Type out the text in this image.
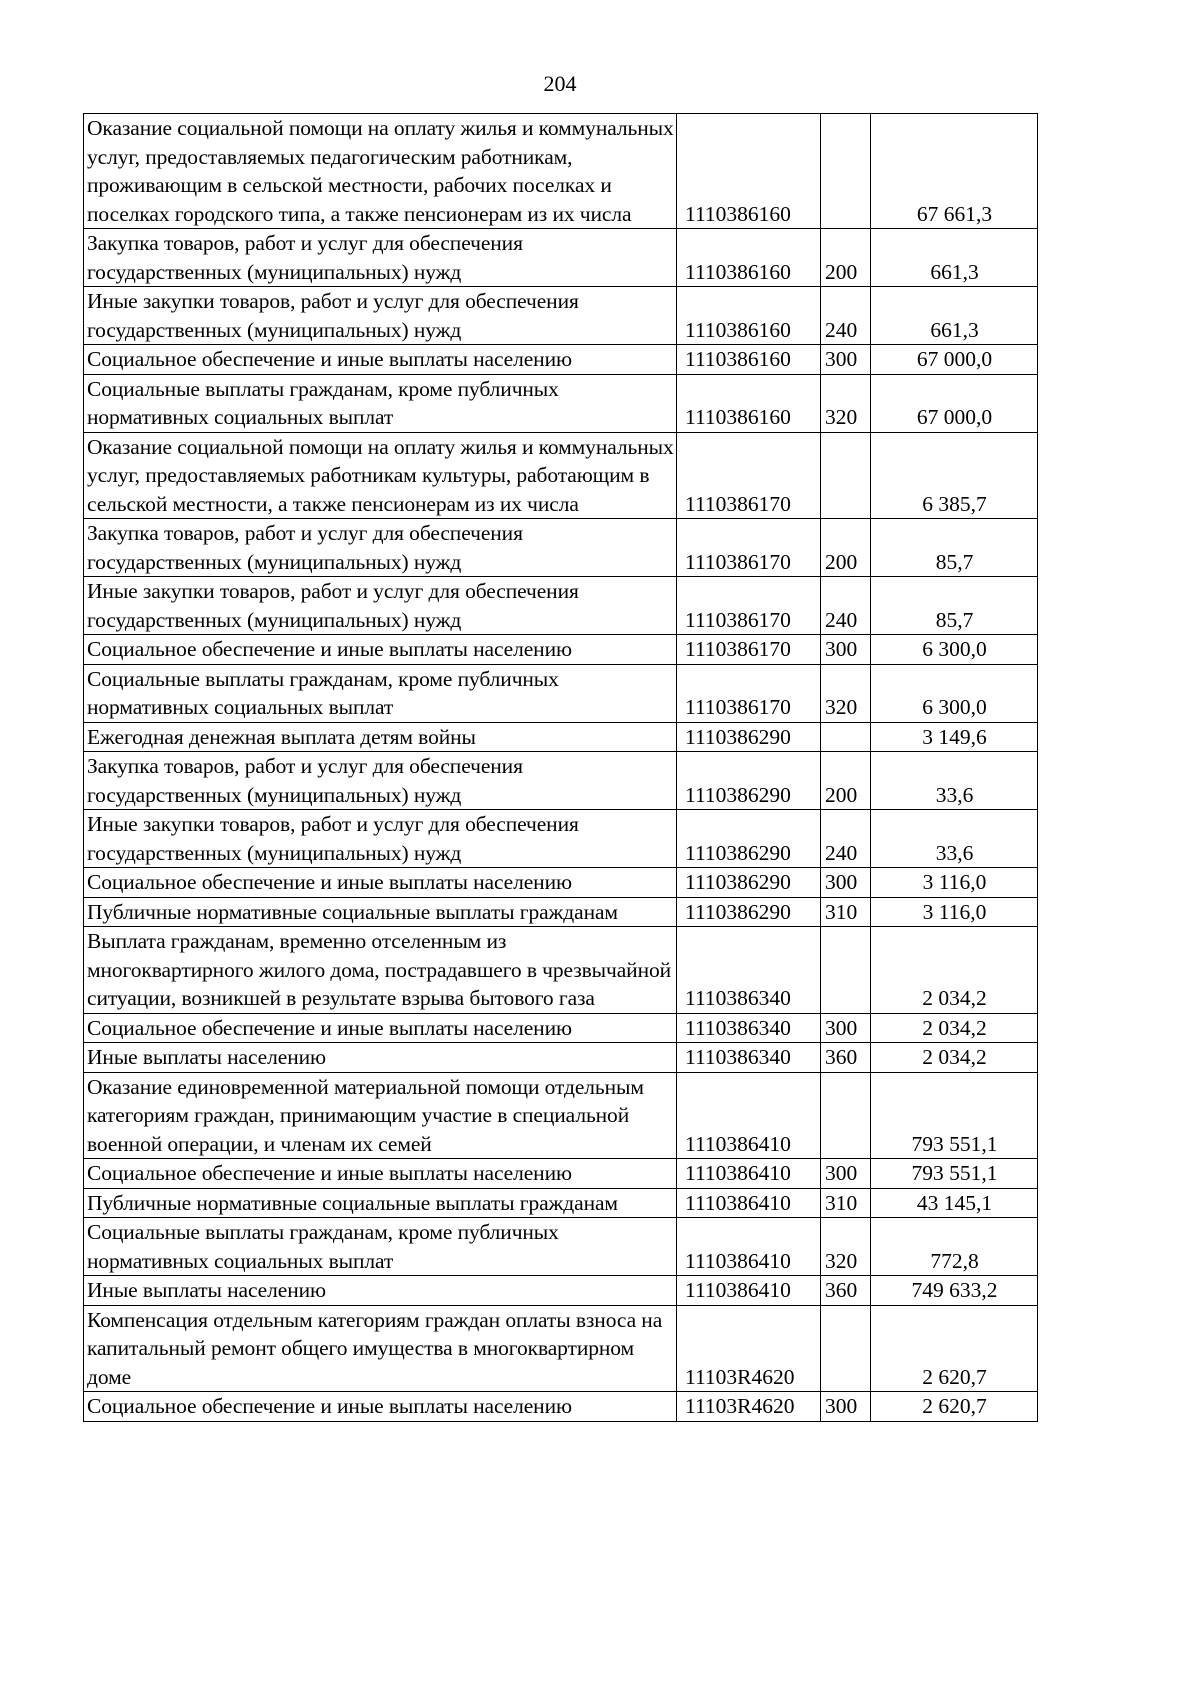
204
Оказание социальной помощи на оплату жилья и коммунальных услуг, предоставляемых педагогическим работникам, проживающим в сельской местности, рабочих поселках и поселках городского типа, а также пенсионерам из их числа	1110386160		67 661,3
Закупка товаров, работ и услуг для обеспечения государственных (муниципальных) нужд	1110386160	200	661,3
Иные закупки товаров, работ и услуг для обеспечения государственных (муниципальных) нужд	1110386160	240	661,3
Социальное обеспечение и иные выплаты населению	1110386160	300	67 000,0
Социальные выплаты гражданам, кроме публичных нормативных социальных выплат	1110386160	320	67 000,0
Оказание социальной помощи на оплату жилья и коммунальных услуг, предоставляемых работникам культуры, работающим в сельской местности, а также пенсионерам из их числа	1110386170		6 385,7
Закупка товаров, работ и услуг для обеспечения государственных (муниципальных) нужд	1110386170	200	85,7
Иные закупки товаров, работ и услуг для обеспечения государственных (муниципальных) нужд	1110386170	240	85,7
Социальное обеспечение и иные выплаты населению	1110386170	300	6 300,0
Социальные выплаты гражданам, кроме публичных нормативных социальных выплат	1110386170	320	6 300,0
Ежегодная денежная выплата детям войны	1110386290		3 149,6
Закупка товаров, работ и услуг для обеспечения государственных (муниципальных) нужд	1110386290	200	33,6
Иные закупки товаров, работ и услуг для обеспечения государственных (муниципальных) нужд	1110386290	240	33,6
Социальное обеспечение и иные выплаты населению	1110386290	300	3 116,0
Публичные нормативные социальные выплаты гражданам	1110386290	310	3 116,0
Выплата гражданам, временно отселенным из многоквартирного жилого дома, пострадавшего в чрезвычайной ситуации, возникшей в результате взрыва бытового газа	1110386340		2 034,2
Социальное обеспечение и иные выплаты населению	1110386340	300	2 034,2
Иные выплаты населению	1110386340	360	2 034,2
Оказание единовременной материальной помощи отдельным категориям граждан, принимающим участие в специальной военной операции, и членам их семей	1110386410		793 551,1
Социальное обеспечение и иные выплаты населению	1110386410	300	793 551,1
Публичные нормативные социальные выплаты гражданам	1110386410	310	43 145,1
Социальные выплаты гражданам, кроме публичных нормативных социальных выплат	1110386410	320	772,8
Иные выплаты населению	1110386410	360	749 633,2
Компенсация отдельным категориям граждан оплаты взноса на капитальный ремонт общего имущества в многоквартирном доме	11103R4620		2 620,7
Социальное обеспечение и иные выплаты населению	11103R4620	300	2 620,7
